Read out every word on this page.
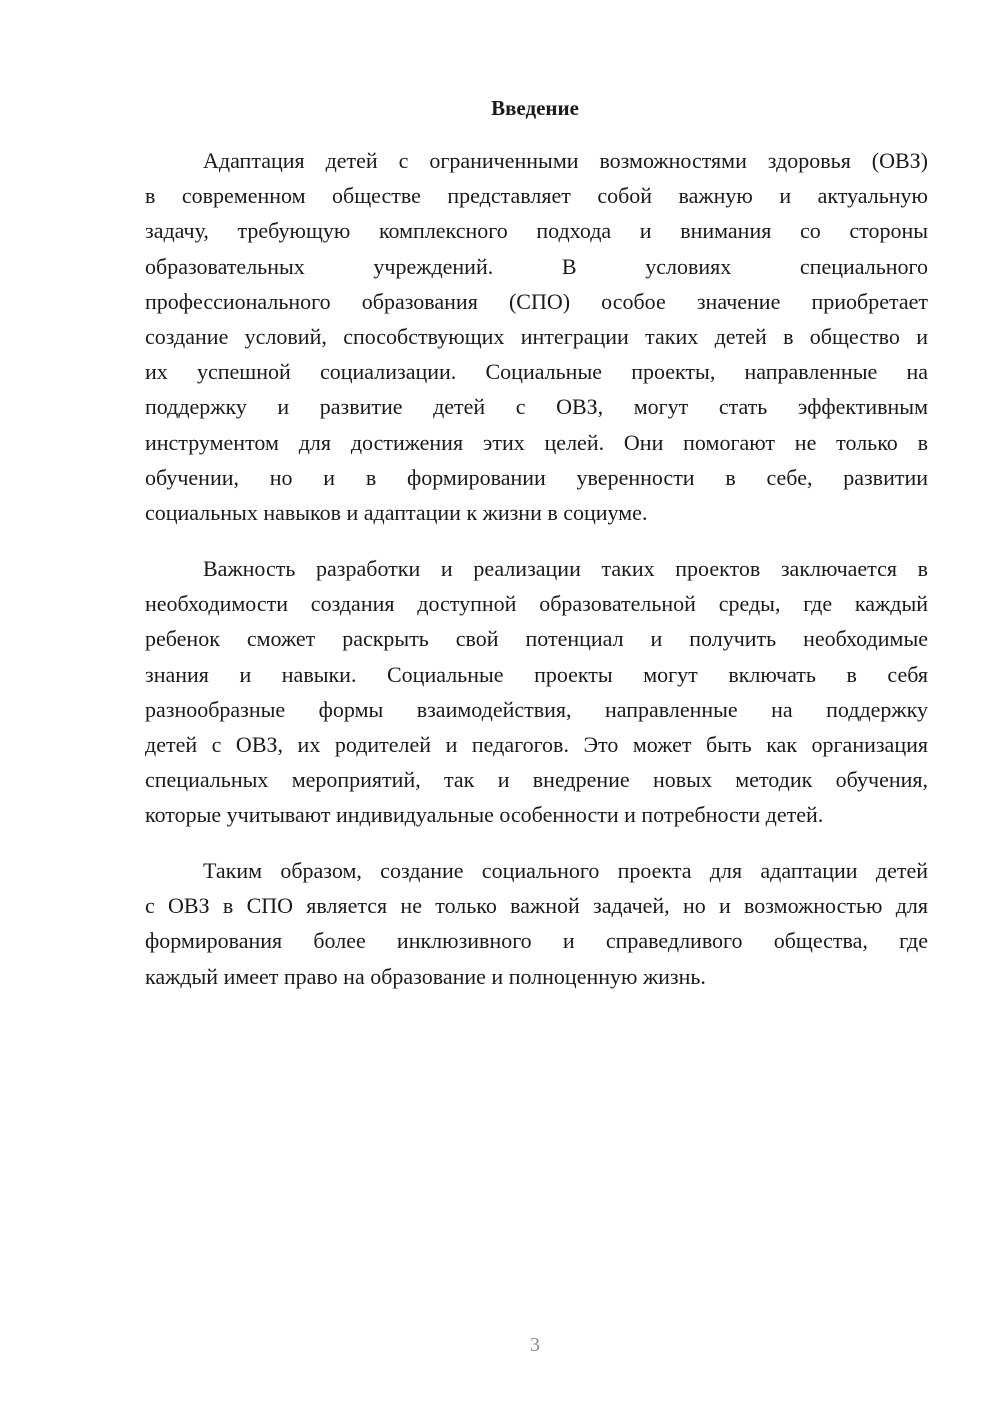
Введение
Адаптация детей с ограниченными возможностями здоровья (ОВЗ)
в современном обществе представляет собой важную и актуальную
задачу, требующую комплексного подхода и внимания со стороны
образовательных учреждений. В условиях специального
профессионального образования (СПО) особое значение приобретает
создание условий, способствующих интеграции таких детей в общество и
их успешной социализации. Социальные проекты, направленные на
поддержку и развитие детей с ОВЗ, могут стать эффективным
инструментом для достижения этих целей. Они помогают не только в
обучении, но и в формировании уверенности в себе, развитии
социальных навыков и адаптации к жизни в социуме.
Важность разработки и реализации таких проектов заключается в
необходимости создания доступной образовательной среды, где каждый
ребенок сможет раскрыть свой потенциал и получить необходимые
знания и навыки. Социальные проекты могут включать в себя
разнообразные формы взаимодействия, направленные на поддержку
детей с ОВЗ, их родителей и педагогов. Это может быть как организация
специальных мероприятий, так и внедрение новых методик обучения,
которые учитывают индивидуальные особенности и потребности детей.
Таким образом, создание социального проекта для адаптации детей
с ОВЗ в СПО является не только важной задачей, но и возможностью для
формирования более инклюзивного и справедливого общества, где
каждый имеет право на образование и полноценную жизнь.
3
